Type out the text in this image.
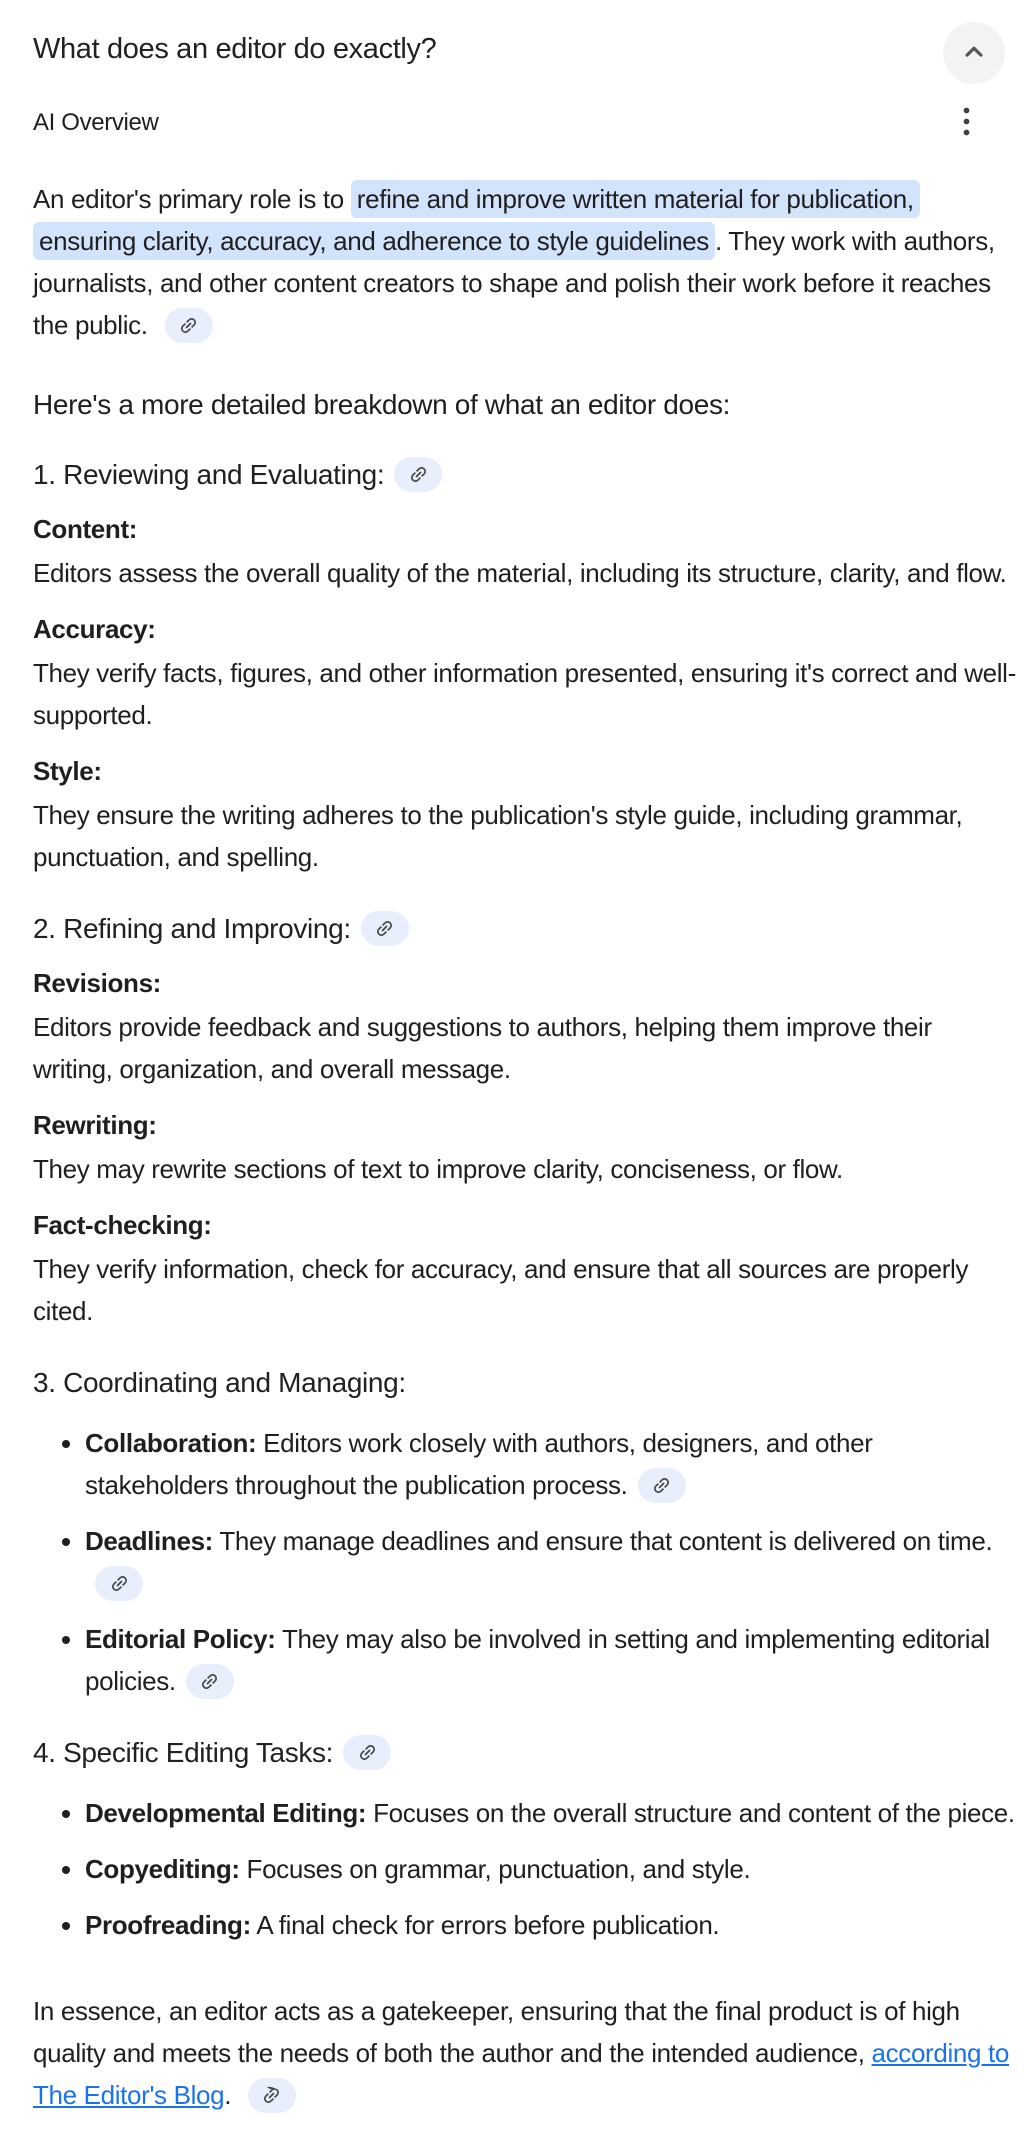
What does an editor do exactly?
AI Overview

An editor's primary role is to refine and improve written material for publication, ensuring clarity, accuracy, and adherence to style guidelines . They work with authors, journalists, and other content creators to shape and polish their work before it reaches the public.

Here's a more detailed breakdown of what an editor does:

1. Reviewing and Evaluating:

Content:

Editors assess the overall quality of the material, including its structure, clarity, and flow.

Accuracy:

They verify facts, figures, and other information presented, ensuring it's correct and well-supported.

Style:

They ensure the writing adheres to the publication's style guide, including grammar, punctuation, and spelling.

2. Refining and Improving:

Revisions:

Editors provide feedback and suggestions to authors, helping them improve their writing, organization, and overall message.

Rewriting:

They may rewrite sections of text to improve clarity, conciseness, or flow.

Fact-checking:

They verify information, check for accuracy, and ensure that all sources are properly cited.

3. Coordinating and Managing:
• Collaboration: Editors work closely with authors, designers, and other stakeholders throughout the publication process.
• Deadlines: They manage deadlines and ensure that content is delivered on time.
• Editorial Policy: They may also be involved in setting and implementing editorial policies.
4. Specific Editing Tasks:
• Developmental Editing: Focuses on the overall structure and content of the piece.
• Copyediting: Focuses on grammar, punctuation, and style.
• Proofreading: A final check for errors before publication.

In essence, an editor acts as a gatekeeper, ensuring that the final product is of high quality and meets the needs of both the author and the intended audience, according to The Editor's Blog.
